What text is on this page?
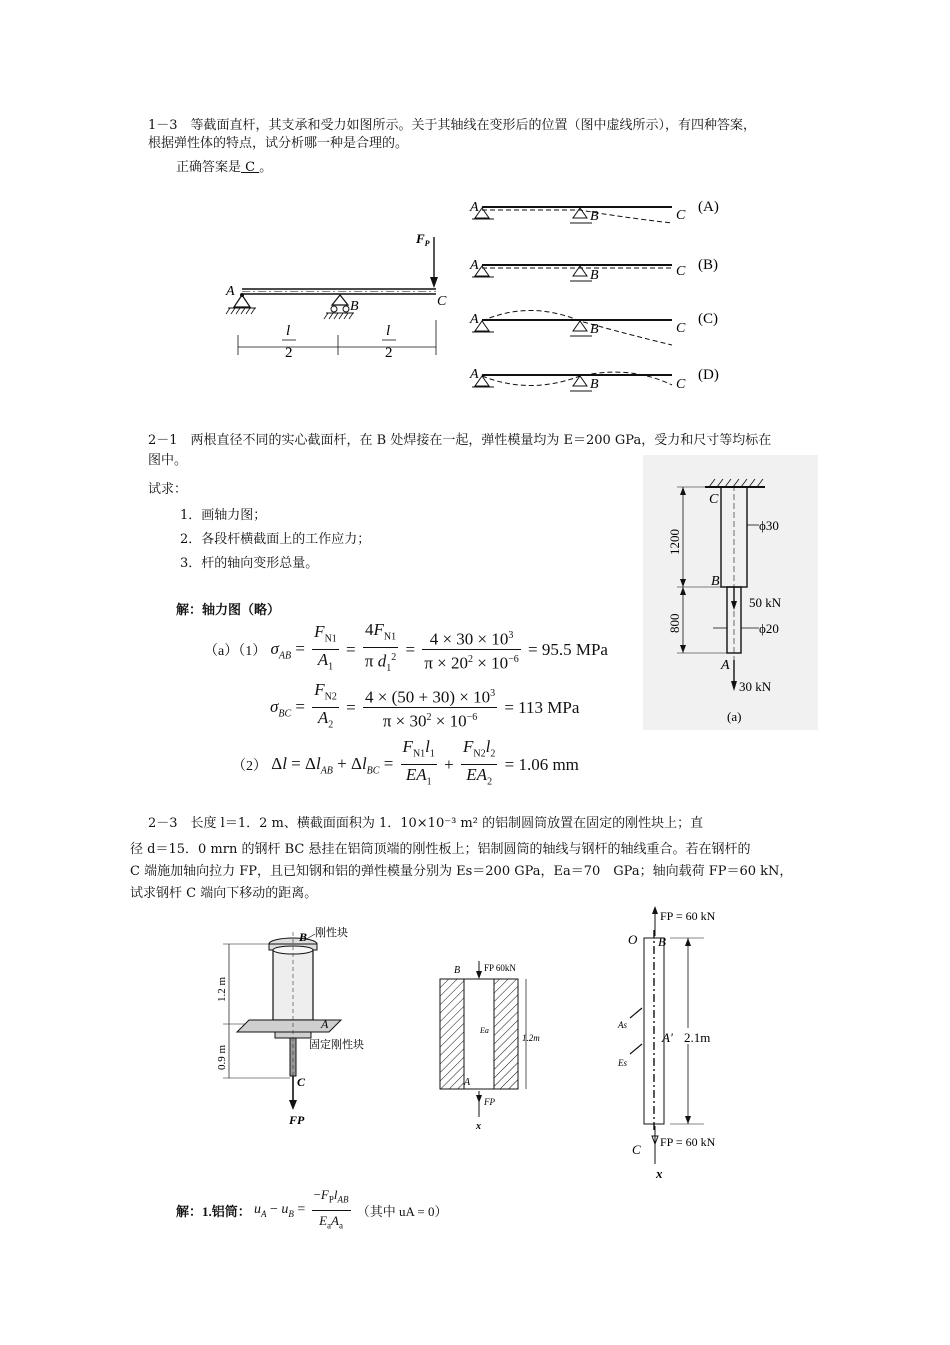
1－3　等截面直杆，其支承和受力如图所示。关于其轴线在变形后的位置（图中虚线所示），有四种答案，
根据弹性体的特点，试分析哪一种是合理的。
正确答案是 C 。
$F_P$
A
B	C
l
2
l
2
A
B	C
(A)
A
B	C (B)
A
B	C
(C)
A
B	C
(D)
2－1　两根直径不同的实心截面杆，在 B 处焊接在一起，弹性模量均为 E＝200 GPa，受力和尺寸等均标在
图中。
试求：
1．画轴力图；
2．各段杆横截面上的工作应力；
3．杆的轴向变形总量。
解：轴力图（略）
（a）（1） $\sigma_{AB} = \frac{F_{N1}}{A_1} = \frac{4F_{N1}}{\pi d_1^2} = \frac{4 \times 30 \times 10^3}{\pi \times 20^2 \times 10^{-6}} = 95.5$ MPa
$\sigma_{BC} = \frac{F_{N2}}{A_2} = \frac{4 \times (50 + 30) \times 10^3}{\pi \times 30^2 \times 10^{-6}} = 113$ MPa
（2） $\Delta l = \Delta l_{AB} + \Delta l_{BC} = \frac{F_{N1}l_1}{EA_1} + \frac{F_{N2}l_2}{EA_2} = 1.06$ mm
1200
800
C
B
A
ϕ30
50 kN
ϕ20
30 kN
(a)
2－3　长度 l＝1．2 m、横截面面积为 1．10×10⁻³ m² 的铝制圆筒放置在固定的刚性块上；直
径 d＝15．0 mrn 的钢杆 BC 悬挂在铝筒顶端的刚性板上；铝制圆筒的轴线与钢杆的轴线重合。若在钢杆的
C 端施加轴向拉力 FP，且已知钢和铝的弹性模量分别为 Es＝200 GPa，Ea＝70　GPa；轴向载荷 FP＝60 kN，
试求钢杆 C 端向下移动的距离。
1.2 m
0.9 m
B 刚性块
A
固定刚性块
C
FP
B	FP 60kN
Ea
1.2m
A
FP
x
FP = 60 kN
O B
As
Es
A' 2.1m
FP = 60 kN
C
x
解：1.铝筒： $u_A - u_B = \frac{-F_Pl_{AB}}{E_aA_a}$ （其中 uA = 0）
